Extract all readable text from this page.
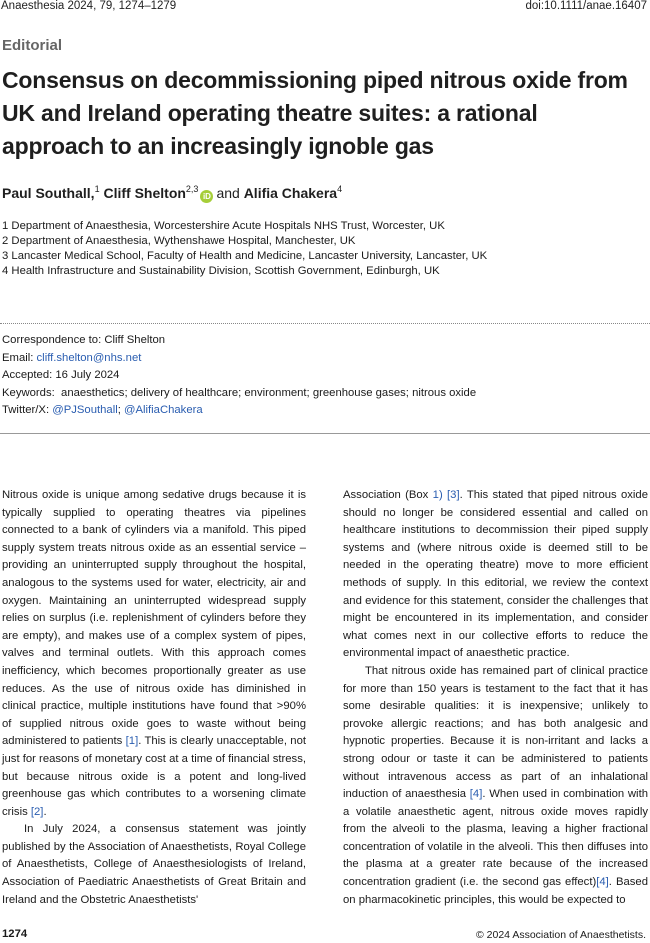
Anaesthesia 2024, 79, 1274–1279	doi:10.1111/anae.16407
Editorial
Consensus on decommissioning piped nitrous oxide from UK and Ireland operating theatre suites: a rational approach to an increasingly ignoble gas
Paul Southall,$^1$ Cliff Shelton$^{2,3}$iD and Alifia Chakera$^4$
1 Department of Anaesthesia, Worcestershire Acute Hospitals NHS Trust, Worcester, UK
2 Department of Anaesthesia, Wythenshawe Hospital, Manchester, UK
3 Lancaster Medical School, Faculty of Health and Medicine, Lancaster University, Lancaster, UK
4 Health Infrastructure and Sustainability Division, Scottish Government, Edinburgh, UK
Correspondence to: Cliff Shelton
Email: cliff.shelton@nhs.net
Accepted: 16 July 2024
Keywords: anaesthetics; delivery of healthcare; environment; greenhouse gases; nitrous oxide
Twitter/X: @PJSouthall; @AlifiaChakera

Nitrous oxide is unique among sedative drugs because it is typically supplied to operating theatres via pipelines connected to a bank of cylinders via a manifold. This piped supply system treats nitrous oxide as an essential service – providing an uninterrupted supply throughout the hospital, analogous to the systems used for water, electricity, air and oxygen. Maintaining an uninterrupted widespread supply relies on surplus (i.e. replenishment of cylinders before they are empty), and makes use of a complex system of pipes, valves and terminal outlets. With this approach comes inefficiency, which becomes proportionally greater as use reduces. As the use of nitrous oxide has diminished in clinical practice, multiple institutions have found that >90% of supplied nitrous oxide goes to waste without being administered to patients [1]. This is clearly unacceptable, not just for reasons of monetary cost at a time of financial stress, but because nitrous oxide is a potent and long-lived greenhouse gas which contributes to a worsening climate crisis [2].

In July 2024, a consensus statement was jointly published by the Association of Anaesthetists, Royal College of Anaesthetists, College of Anaesthesiologists of Ireland, Association of Paediatric Anaesthetists of Great Britain and Ireland and the Obstetric Anaesthetists'

Association (Box 1) [3]. This stated that piped nitrous oxide should no longer be considered essential and called on healthcare institutions to decommission their piped supply systems and (where nitrous oxide is deemed still to be needed in the operating theatre) move to more efficient methods of supply. In this editorial, we review the context and evidence for this statement, consider the challenges that might be encountered in its implementation, and consider what comes next in our collective efforts to reduce the environmental impact of anaesthetic practice.

That nitrous oxide has remained part of clinical practice for more than 150 years is testament to the fact that it has some desirable qualities: it is inexpensive; unlikely to provoke allergic reactions; and has both analgesic and hypnotic properties. Because it is non-irritant and lacks a strong odour or taste it can be administered to patients without intravenous access as part of an inhalational induction of anaesthesia [4]. When used in combination with a volatile anaesthetic agent, nitrous oxide moves rapidly from the alveoli to the plasma, leaving a higher fractional concentration of volatile in the alveoli. This then diffuses into the plasma at a greater rate because of the increased concentration gradient (i.e. the second gas effect)[4]. Based on pharmacokinetic principles, this would be expected to

1274	© 2024 Association of Anaesthetists.
